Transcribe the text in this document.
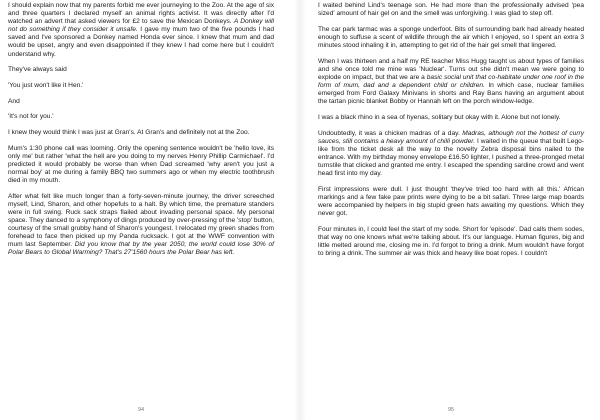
I should explain now that my parents forbid me ever journeying to the Zoo. At the age of six and three quarters I declared myself an animal rights activist. It was directly after I'd watched an advert that asked viewers for £2 to save the Mexican Donkeys. A Donkey will not do something if they consider it unsafe. I gave my mum two of the five pounds I had saved and I've sponsored a Donkey named Honda ever since. I knew that mum and dad would be upset, angry and even disappointed if they knew I had come here but I couldn't understand why.

They've always said

'You just won't like it Hen.'

And

'It's not for you.'

I knew they would think I was just at Gran's. At Gran's and definitely not at the Zoo.

Mum's 1:30 phone call was looming. Only the opening sentence wouldn't be 'hello love, its only me' but rather 'what the hell are you doing to my nerves Henry Phillip Carmichael'. I'd predicted it would probably be worse than when Dad screamed 'why aren't you just a normal boy' at me during a family BBQ two summers ago or when my electric toothbrush died in my mouth.

After what felt like much longer than a forty-seven-minute journey, the driver screeched myself, Lind, Sharon, and other hopefuls to a halt. By which time, the premature standers were in full swing. Ruck sack straps flailed about invading personal space. My personal space. They danced to a symphony of dings produced by over-pressing of the 'stop' button, courtesy of the small grubby hand of Sharon's youngest. I relocated my green shades from forehead to face then picked up my Panda rucksack. I got at the WWF convention with mum last September. Did you know that by the year 2050, the world could lose 30% of Polar Bears to Global Warming? That's 27'1560 hours the Polar Bear has left.

94

I waited behind Lind's teenage son. He had more than the professionally advised 'pea sized' amount of hair gel on and the smell was unforgiving. I was glad to step off.

The car park tarmac was a sponge underfoot. Bits of surrounding bark had already heated enough to suffuse a scent of wildlife through the air which I enjoyed, so I spent an extra 3 minutes stood inhaling it in, attempting to get rid of the hair gel smell that lingered.

When I was thirteen and a half my RE teacher Miss Hugg taught us about types of families and she once told me mine was 'Nuclear'. Turns out she didn't mean we were going to explode on impact, but that we are a basic social unit that co-habitate under one roof in the form of mum, dad and a dependent child or children. In which case, nuclear families emerged from Ford Galaxy Minivans in shorts and Ray Bans having an argument about the tartan picnic blanket Bobby or Hannah left on the porch window-ledge.

I was a black rhino in a sea of hyenas, solitary but okay with it. Alone but not lonely.

Undoubtedly, it was a chicken madras of a day. Madras, although not the hottest of curry sauces, still contains a heavy amount of chilli powder. I waited in the queue that built Lego-like from the ticket desk all the way to the novelty Zebra disposal bins nailed to the entrance. With my birthday money envelope £16.50 lighter, I pushed a three-pronged metal turnstile that clicked and granted me entry. I escaped the spending sardine crowd and went head first into my day.

First impressions were dull. I just thought 'they've tried too hard with all this.' African markings and a few fake paw prints were dying to be a bit safari. Three large map boards were accompanied by helpers in big stupid green hats awaiting my questions. Which they never got.

Four minutes in, I could feel the start of my sode. Short for 'episode'. Dad calls them sodes, that way no one knows what we're talking about. It's our language. Human figures, big and little melted around me, closing me in. I'd forgot to bring a drink. Mum wouldn't have forgot to bring a drink. The summer air was thick and heavy like boat ropes. I couldn't

95
